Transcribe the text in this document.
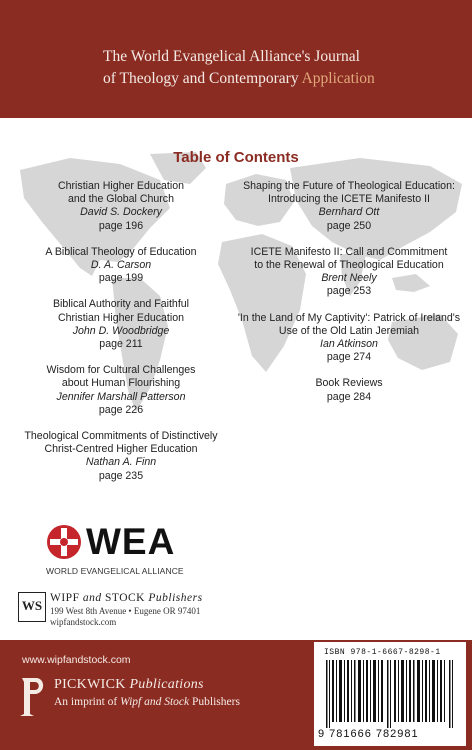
The World Evangelical Alliance's Journal
of Theology and Contemporary Application
Table of Contents
Christian Higher Education
and the Global Church
David S. Dockery
page 196
A Biblical Theology of Education
D. A. Carson
page 199
Biblical Authority and Faithful
Christian Higher Education
John D. Woodbridge
page 211
Wisdom for Cultural Challenges
about Human Flourishing
Jennifer Marshall Patterson
page 226
Theological Commitments of Distinctively
Christ-Centred Higher Education
Nathan A. Finn
page 235
Shaping the Future of Theological Education:
Introducing the ICETE Manifesto II
Bernhard Ott
page 250
ICETE Manifesto II: Call and Commitment
to the Renewal of Theological Education
Brent Neely
page 253
'In the Land of My Captivity': Patrick of Ireland's
Use of the Old Latin Jeremiah
Ian Atkinson
page 274
Book Reviews
page 284
WEA
WORLD EVANGELICAL ALLIANCE
WS WIPF and STOCK Publishers
199 West 8th Avenue • Eugene OR 97401
wipfandstock.com
www.wipfandstock.com
PICKWICK Publications
An imprint of Wipf and Stock Publishers
ISBN 978-1-6667-8298-1
9 781666 782981
